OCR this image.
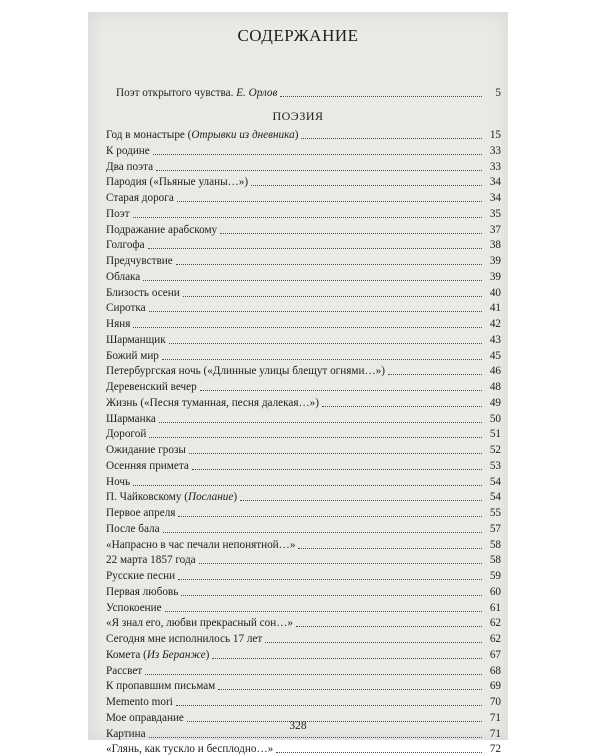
СОДЕРЖАНИЕ
Поэт открытого чувства. Е. Орлов	5
ПОЭЗИЯ
Год в монастыре (Отрывки из дневника)	15
К родине	33
Два поэта	33
Пародия («Пьяные уланы…»)	34
Старая дорога	34
Поэт	35
Подражание арабскому	37
Голгофа	38
Предчувствие	39
Облака	39
Близость осени	40
Сиротка	41
Няня	42
Шарманщик	43
Божий мир	45
Петербургская ночь («Длинные улицы блещут огнями…»)	46
Деревенский вечер	48
Жизнь («Песня туманная, песня далекая…»)	49
Шарманка	50
Дорогой	51
Ожидание грозы	52
Осенняя примета	53
Ночь	54
П. Чайковскому (Послание)	54
Первое апреля	55
После бала	57
«Напрасно в час печали непонятной…»	58
22 марта 1857 года	58
Русские песни	59
Первая любовь	60
Успокоение	61
«Я знал его, любви прекрасный сон…»	62
Сегодня мне исполнилось 17 лет	62
Комета (Из Беранже)	67
Рассвет	68
К пропавшим письмам	69
Memento mori	70
Мое оправдание	71
Картина	71
«Глянь, как тускло и бесплодно…»	72
328
